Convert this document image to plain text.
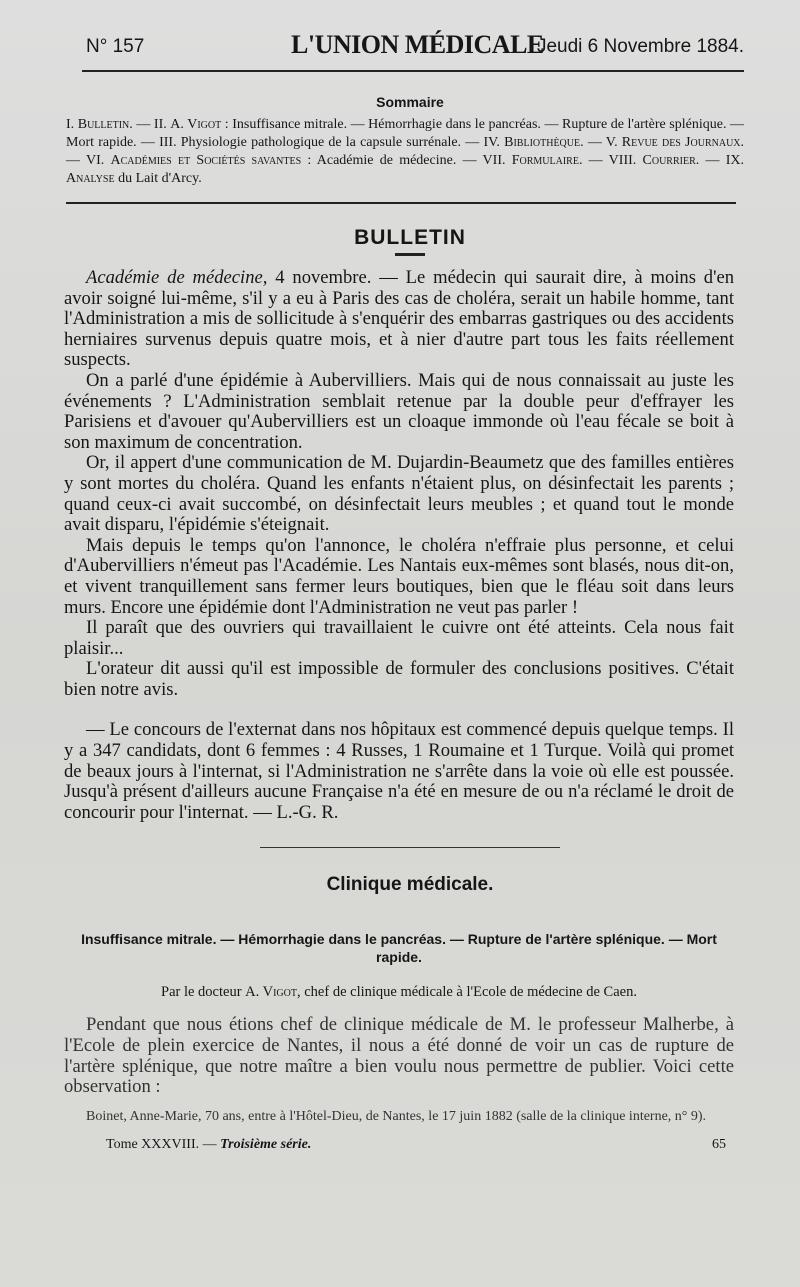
N° 157	L'UNION MÉDICALE
Jeudi 6 Novembre 1884.
Sommaire
I. Bulletin. — II. A. Vigot : Insuffisance mitrale. — Hémorrhagie dans le pancréas. — Rupture de l'artère splénique. — Mort rapide. — III. Physiologie pathologique de la capsule surrénale. — IV. Bibliothèque. — V. Revue des Journaux. — VI. Académies et Sociétés savantes : Académie de médecine. — VII. Formulaire. — VIII. Courrier. — IX. Analyse du Lait d'Arcy.
BULLETIN

Académie de médecine, 4 novembre. — Le médecin qui saurait dire, à moins d'en avoir soigné lui-même, s'il y a eu à Paris des cas de choléra, serait un habile homme, tant l'Administration a mis de sollicitude à s'enquérir des embarras gastriques ou des accidents herniaires survenus depuis quatre mois, et à nier d'autre part tous les faits réellement suspects.

On a parlé d'une épidémie à Aubervilliers. Mais qui de nous connaissait au juste les événements ? L'Administration semblait retenue par la double peur d'effrayer les Parisiens et d'avouer qu'Aubervilliers est un cloaque immonde où l'eau fécale se boit à son maximum de concentration.

Or, il appert d'une communication de M. Dujardin-Beaumetz que des familles entières y sont mortes du choléra. Quand les enfants n'étaient plus, on désinfectait les parents ; quand ceux-ci avait succombé, on désinfectait leurs meubles ; et quand tout le monde avait disparu, l'épidémie s'éteignait.

Mais depuis le temps qu'on l'annonce, le choléra n'effraie plus personne, et celui d'Aubervilliers n'émeut pas l'Académie. Les Nantais eux-mêmes sont blasés, nous dit-on, et vivent tranquillement sans fermer leurs boutiques, bien que le fléau soit dans leurs murs. Encore une épidémie dont l'Administration ne veut pas parler !

Il paraît que des ouvriers qui travaillaient le cuivre ont été atteints. Cela nous fait plaisir...

L'orateur dit aussi qu'il est impossible de formuler des conclusions positives. C'était bien notre avis.

— Le concours de l'externat dans nos hôpitaux est commencé depuis quelque temps. Il y a 347 candidats, dont 6 femmes : 4 Russes, 1 Roumaine et 1 Turque. Voilà qui promet de beaux jours à l'internat, si l'Administration ne s'arrête dans la voie où elle est poussée. Jusqu'à présent d'ailleurs aucune Française n'a été en mesure de ou n'a réclamé le droit de concourir pour l'internat. — L.-G. R.

Clinique médicale.
Insuffisance mitrale. — Hémorrhagie dans le pancréas. — Rupture de l'artère splénique. — Mort rapide.
Par le docteur A. Vigot, chef de clinique médicale à l'Ecole de médecine de Caen.

Pendant que nous étions chef de clinique médicale de M. le professeur Malherbe, à l'Ecole de plein exercice de Nantes, il nous a été donné de voir un cas de rupture de l'artère splénique, que notre maître a bien voulu nous permettre de publier. Voici cette observation :

Boinet, Anne-Marie, 70 ans, entre à l'Hôtel-Dieu, de Nantes, le 17 juin 1882 (salle de la clinique interne, n° 9).

Tome XXXVIII. — Troisième série.	65
